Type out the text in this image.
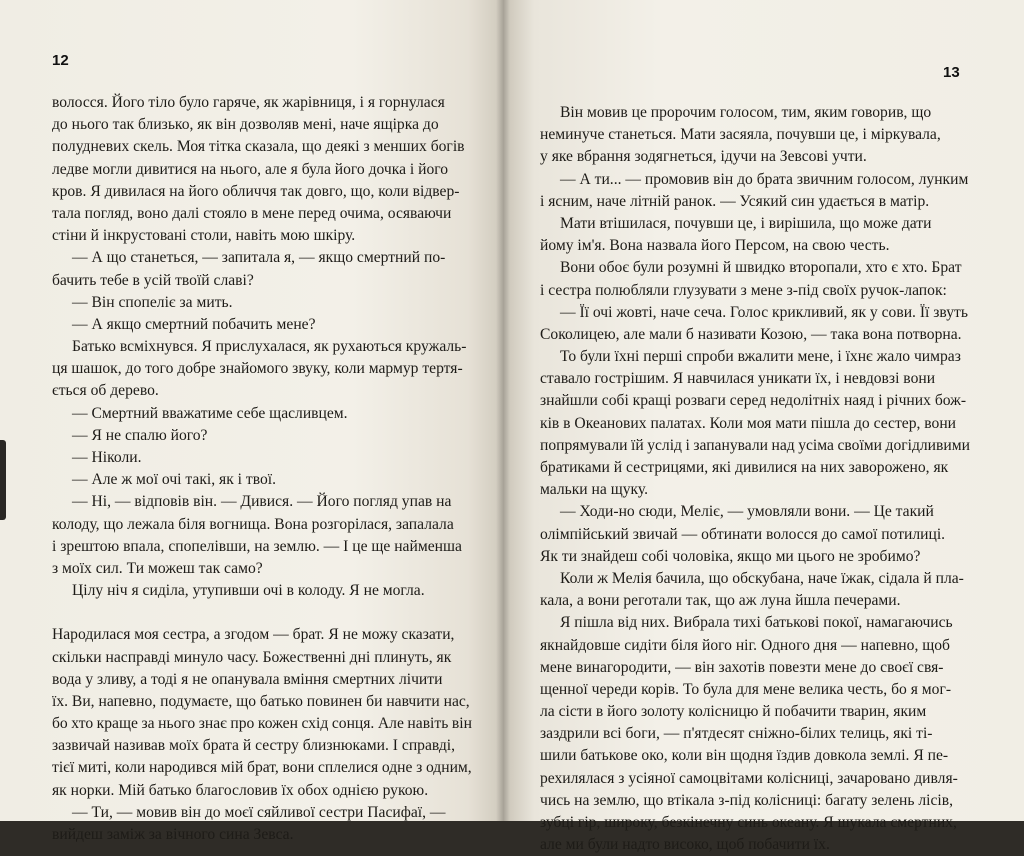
12
волосся. Його тіло було гаряче, як жарівниця, і я горнулася
до нього так близько, як він дозволяв мені, наче ящірка до
полудневих скель. Моя тітка сказала, що деякі з менших богів
ледве могли дивитися на нього, але я була його дочка і його
кров. Я дивилася на його обличчя так довго, що, коли відвер-
тала погляд, воно далі стояло в мене перед очима, осяваючи
стіни й інкрустовані столи, навіть мою шкіру.
— А що станеться, — запитала я, — якщо смертний по-
бачить тебе в усій твоїй славі?
— Він спопеліє за мить.
— А якщо смертний побачить мене?
Батько всміхнувся. Я прислухалася, як рухаються кружаль-
ця шашок, до того добре знайомого звуку, коли мармур тертя-
ється об дерево.
— Смертний вважатиме себе щасливцем.
— Я не спалю його?
— Ніколи.
— Але ж мої очі такі, як і твої.
— Ні, — відповів він. — Дивися. — Його погляд упав на
колоду, що лежала біля вогнища. Вона розгорілася, запалала
і зрештою впала, спопелівши, на землю. — І це ще найменша
з моїх сил. Ти можеш так само?
Цілу ніч я сиділа, утупивши очі в колоду. Я не могла.
Народилася моя сестра, а згодом — брат. Я не можу сказати,
скільки насправді минуло часу. Божественні дні плинуть, як
вода у зливу, а тоді я не опанувала вміння смертних лічити
їх. Ви, напевно, подумаєте, що батько повинен би навчити нас,
бо хто краще за нього знає про кожен схід сонця. Але навіть він
зазвичай називав моїх брата й сестру близнюками. І справді,
тієї миті, коли народився мій брат, вони сплелися одне з одним,
як норки. Мій батько благословив їх обох однією рукою.
— Ти, — мовив він до моєї сяйливої сестри Пасифаї, —
вийдеш заміж за вічного сина Зевса.
13
Він мовив це пророчим голосом, тим, яким говорив, що
неминуче станеться. Мати засяяла, почувши це, і міркувала,
у яке вбрання зодягнеться, ідучи на Зевсові учти.
— А ти... — промовив він до брата звичним голосом, лунким
і ясним, наче літній ранок. — Усякий син удається в матір.
Мати втішилася, почувши це, і вирішила, що може дати
йому ім'я. Вона назвала його Персом, на свою честь.
Вони обоє були розумні й швидко второпали, хто є хто. Брат
і сестра полюбляли глузувати з мене з-під своїх ручок-лапок:
— Її очі жовті, наче сеча. Голос крикливий, як у сови. Її звуть
Соколицею, але мали б називати Козою, — така вона потворна.
То були їхні перші спроби вжалити мене, і їхнє жало чимраз
ставало гострішим. Я навчилася уникати їх, і невдовзі вони
знайшли собі кращі розваги серед недолітніх наяд і річних бож-
ків в Океанових палатах. Коли моя мати пішла до сестер, вони
попрямували їй услід і запанували над усіма своїми догідливими
братиками й сестрицями, які дивилися на них заворожено, як
мальки на щуку.
— Ходи-но сюди, Меліє, — умовляли вони. — Це такий
олімпійський звичай — обтинати волосся до самої потилиці.
Як ти знайдеш собі чоловіка, якщо ми цього не зробимо?
Коли ж Мелія бачила, що обскубана, наче їжак, сідала й пла-
кала, а вони реготали так, що аж луна йшла печерами.
Я пішла від них. Вибрала тихі батькові покої, намагаючись
якнайдовше сидіти біля його ніг. Одного дня — напевно, щоб
мене винагородити, — він захотів повезти мене до своєї свя-
щенної череди корів. То була для мене велика честь, бо я мог-
ла сісти в його золоту колісницю й побачити тварин, яким
заздрили всі боги, — п'ятдесят сніжно-білих телиць, які ті-
шили батькове око, коли він щодня їздив довкола землі. Я пе-
рехилялася з усіяної самоцвітами колісниці, зачаровано дивля-
чись на землю, що втікала з-під колісниці: багату зелень лісів,
зубці гір, широку, безкінечну синь океану. Я шукала смертних,
але ми були надто високо, щоб побачити їх.
